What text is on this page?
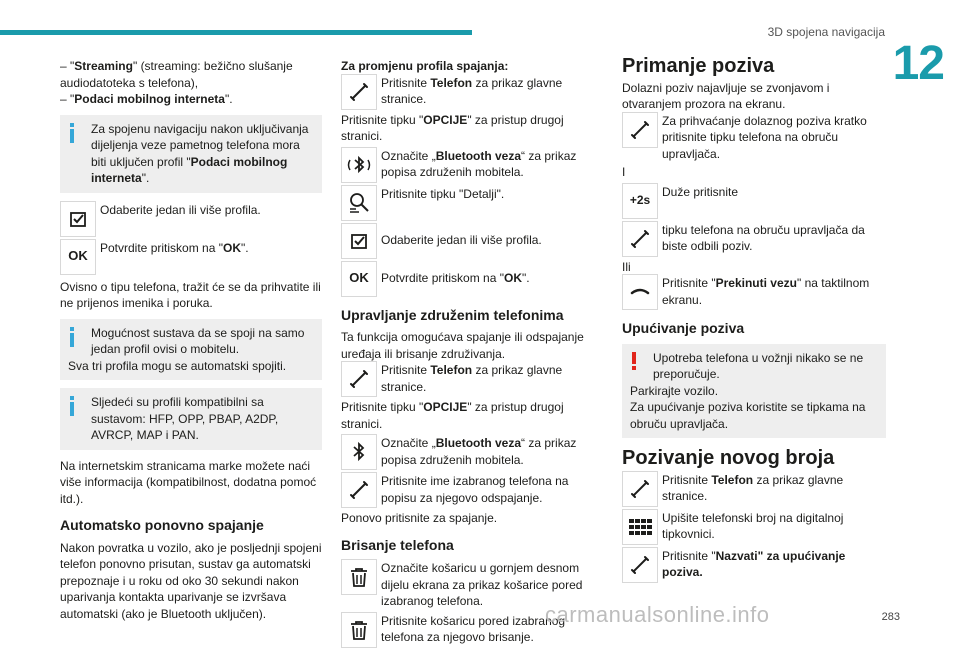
3D spojena navigacija
12

– "Streaming" (streaming: bežično slušanje audiodatoteka s telefona),

– "Podaci mobilnog interneta".

Za spojenu navigaciju nakon uključivanja dijeljenja veze pametnog telefona mora biti uključen profil "Podaci mobilnog interneta".

Odaberite jedan ili više profila.
OK
Potvrdite pritiskom na "OK".

Ovisno o tipu telefona, tražit će se da prihvatite ili ne prijenos imenika i poruka.

Mogućnost sustava da se spoji na samo jedan profil ovisi o mobitelu.

Sva tri profila mogu se automatski spojiti.

Sljedeći su profili kompatibilni sa sustavom: HFP, OPP, PBAP, A2DP, AVRCP, MAP i PAN.

Na internetskim stranicama marke možete naći više informacija (kompatibilnost, dodatna pomoć itd.).

Automatsko ponovno spajanje

Nakon povratka u vozilo, ako je posljednji spojeni telefon ponovno prisutan, sustav ga automatski prepoznaje i u roku od oko 30 sekundi nakon uparivanja kontakta uparivanje se izvršava automatski (ako je Bluetooth uključen).

Za promjenu profila spajanja:

Pritisnite Telefon za prikaz glavne stranice.

Pritisnite tipku "OPCIJE" za pristup drugoj stranici.

Označite „Bluetooth veza“ za prikaz popisa združenih mobitela.
Pritisnite tipku "Detalji".
Odaberite jedan ili više profila.
OK Potvrdite pritiskom na "OK".
Upravljanje združenim telefonima

Ta funkcija omogućava spajanje ili odspajanje uređaja ili brisanje združivanja.

Pritisnite Telefon za prikaz glavne stranice.

Pritisnite tipku "OPCIJE" za pristup drugoj stranici.

Označite „Bluetooth veza“ za prikaz popisa združenih mobitela.
Pritisnite ime izabranog telefona na popisu za njegovo odspajanje.

Ponovo pritisnite za spajanje.

Brisanje telefona
Označite košaricu u gornjem desnom dijelu ekrana za prikaz košarice pored izabranog telefona.
Pritisnite košaricu pored izabranog telefona za njegovo brisanje.
Primanje poziva

Dolazni poziv najavljuje se zvonjavom i otvaranjem prozora na ekranu.

Za prihvaćanje dolaznog poziva kratko pritisnite tipku telefona na obruču upravljača.

I

+2s
Duže pritisnite
tipku telefona na obruču upravljača da biste odbili poziv.

Ili

Pritisnite "Prekinuti vezu" na taktilnom ekranu.
Upućivanje poziva

Upotreba telefona u vožnji nikako se ne preporučuje.

Parkirajte vozilo.

Za upućivanje poziva koristite se tipkama na obruču upravljača.

Pozivanje novog broja
Pritisnite Telefon za prikaz glavne stranice.
Upišite telefonski broj na digitalnoj tipkovnici.
Pritisnite "Nazvati" za upućivanje poziva.
carmanualsonline.info	283
